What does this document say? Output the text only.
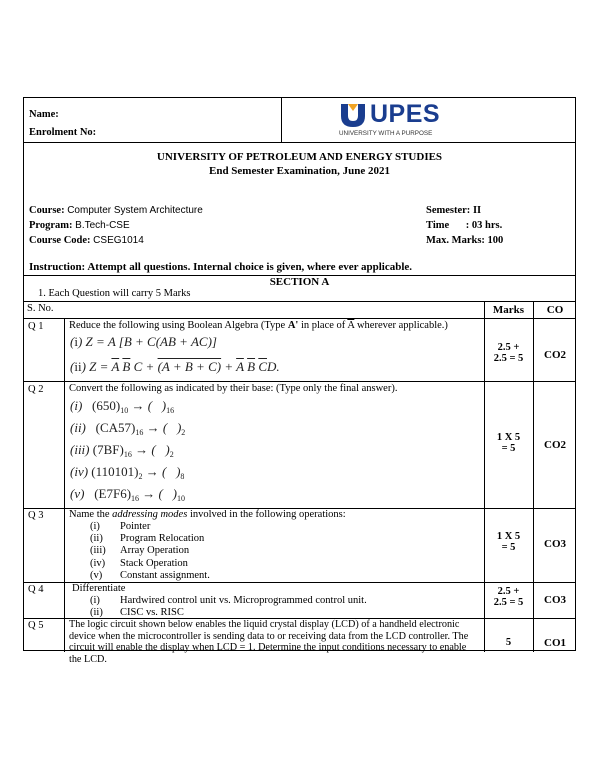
Name:
Enrolment No:
UPES
UNIVERSITY WITH A PURPOSE
UNIVERSITY OF PETROLEUM AND ENERGY STUDIES
End Semester Examination, June 2021
Course: Computer System Architecture
Program: B.Tech-CSE
Course Code: CSEG1014
Semester: II
Time : 03 hrs.
Max. Marks: 100
Instruction: Attempt all questions. Internal choice is given, where ever applicable.
SECTION A
1. Each Question will carry 5 Marks
S. No.	Marks	CO
Q 1 Reduce the following using Boolean Algebra (Type A' in place of $\overline{A}$ wherever applicable.)
(i) Z = A [B + C(AB + AC)]
(ii) $Z = \overline{A}$ $\overline{B}$ $C + (A + B + C) + \overline{A}$ $\overline{B}$ $\overline{C}D$.
2.5 +
2.5 = 5	CO2
Q 2 Convert the following as indicated by their base: (Type only the final answer).
(i) $(650)_{10}$ → (   )$_{16}$
(ii) $(CA57)_{16}$ → (   )$_2$
(iii) $(7BF)_{16}$ → (   )$_2$
(iv) $(110101)_2$ → (   )$_8$
(v) $(E7F6)_{16}$ → (   )$_{10}$
1 X 5
= 5	CO2
Q 3 Name the addressing modes involved in the following operations:
(i) Pointer
(ii) Program Relocation
(iii) Array Operation
(iv) Stack Operation
(v) Constant assignment.
1 X 5
= 5	CO3
Q 4	Differentiate
(i) Hardwired control unit vs. Microprogrammed control unit.
(ii) CISC vs. RISC
2.5 +
2.5 = 5	CO3
Q 5	The logic circuit shown below enables the liquid crystal display (LCD) of a handheld electronic device when the microcontroller is sending data to or receiving data from the LCD controller. The circuit will enable the display when LCD = 1. Determine the input conditions necessary to enable the LCD.
5	CO1
